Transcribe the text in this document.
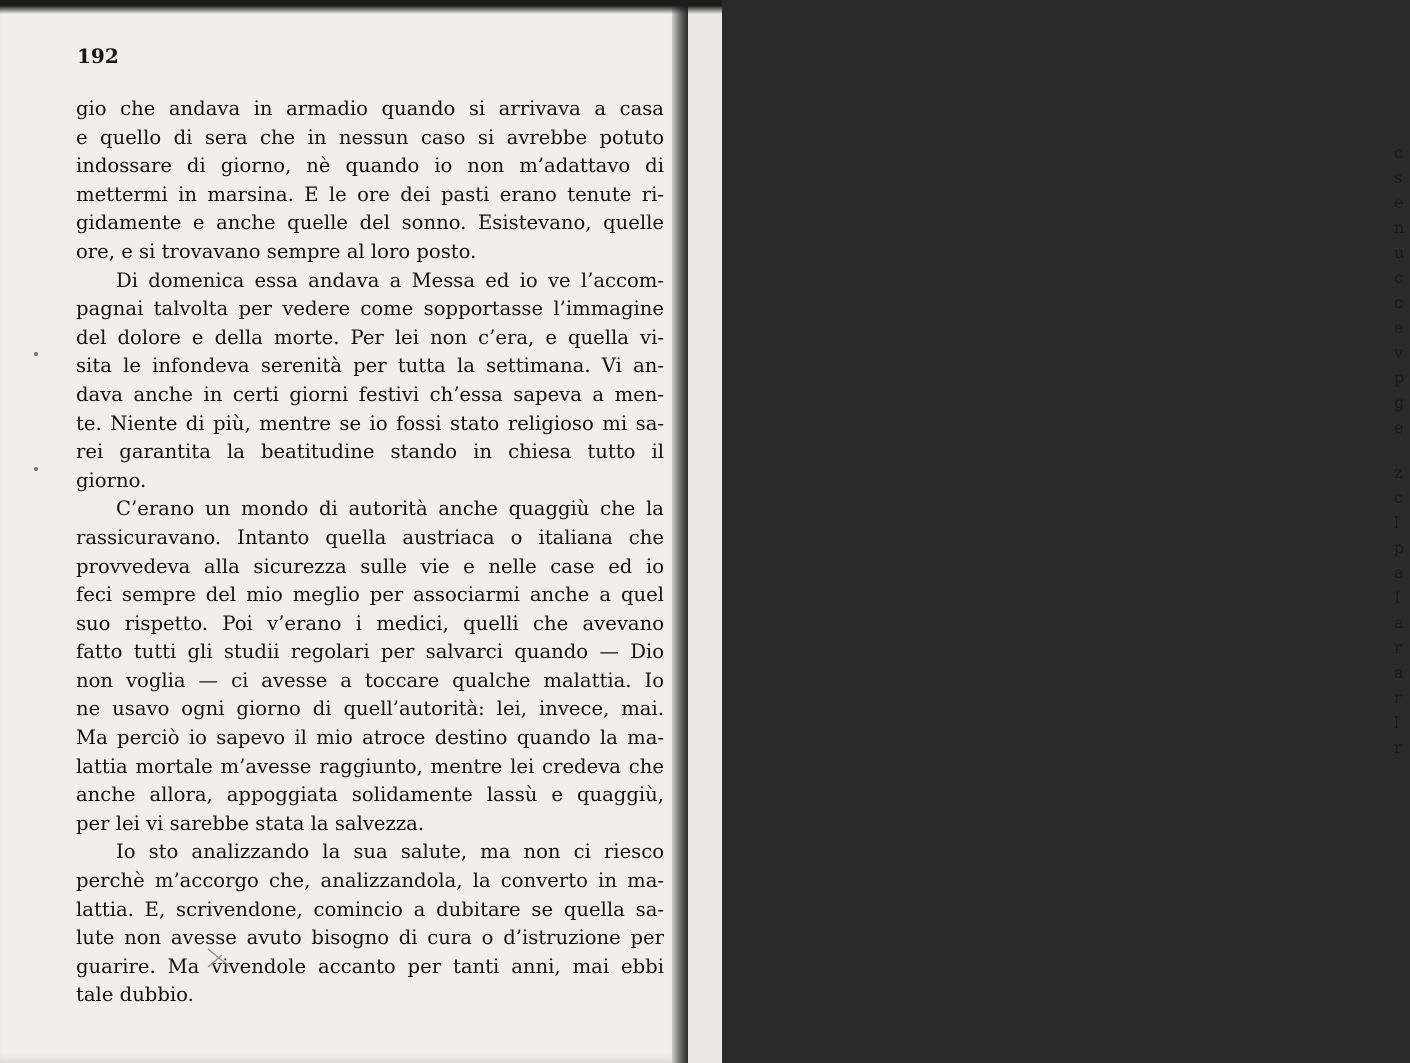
192
gio che andava in armadio quando si arrivava a casa
e quello di sera che in nessun caso si avrebbe potuto
indossare di giorno, nè quando io non m’adattavo di
mettermi in marsina. E le ore dei pasti erano tenute ri-
gidamente e anche quelle del sonno. Esistevano, quelle
ore, e si trovavano sempre al loro posto.
Di domenica essa andava a Messa ed io ve l’accom-
pagnai talvolta per vedere come sopportasse l’immagine
del dolore e della morte. Per lei non c’era, e quella vi-
sita le infondeva serenità per tutta la settimana. Vi an-
dava anche in certi giorni festivi ch’essa sapeva a men-
te. Niente di più, mentre se io fossi stato religioso mi sa-
rei garantita la beatitudine stando in chiesa tutto il
giorno.
C’erano un mondo di autorità anche quaggiù che la
rassicuravano. Intanto quella austriaca o italiana che
provvedeva alla sicurezza sulle vie e nelle case ed io
feci sempre del mio meglio per associarmi anche a quel
suo rispetto. Poi v’erano i medici, quelli che avevano
fatto tutti gli studii regolari per salvarci quando — Dio
non voglia — ci avesse a toccare qualche malattia. Io
ne usavo ogni giorno di quell’autorità: lei, invece, mai.
Ma perciò io sapevo il mio atroce destino quando la ma-
lattia mortale m’avesse raggiunto, mentre lei credeva che
anche allora, appoggiata solidamente lassù e quaggiù,
per lei vi sarebbe stata la salvezza.
Io sto analizzando la sua salute, ma non ci riesco
perchè m’accorgo che, analizzandola, la converto in ma-
lattia. E, scrivendone, comincio a dubitare se quella sa-
lute non avesse avuto bisogno di cura o d’istruzione per
guarire. Ma vivendole accanto per tanti anni, mai ebbi
tale dubbio.
c
s
e
n
u
c
c
e
v
p
g
e
z
c
l
p
a
I
a
r
a
r
l
r
